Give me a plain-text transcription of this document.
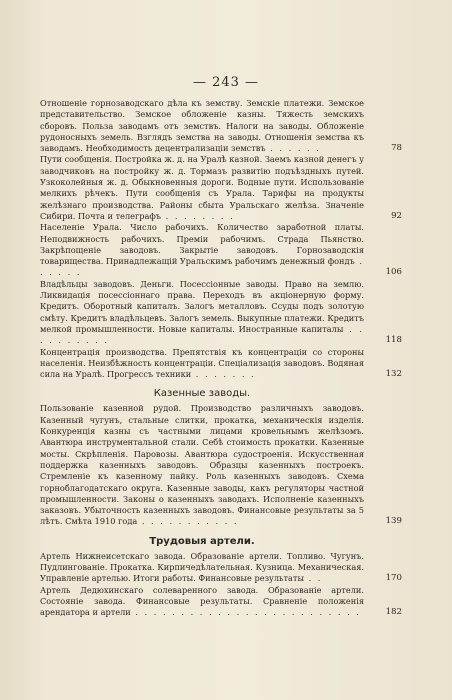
— 243 —
Отношенiе горнозаводскаго дѣла къ земству. Земскiе платежи. Земское представительство. Земское обложенiе казны. Тяжесть земскихъ сборовъ. Польза заводамъ отъ земствъ. Налоги на заводы. Обложенiе рудоносныхъ земель. Взглядъ земства на заводы. Отношенiя земства къ заводамъ. Необходимость децентрализацiи земствъ . . . . . .	78
Пути сообщенiя. Постройка ж. д. на Уралѣ казной. Заемъ казной денегъ у заводчиковъ на постройку ж. д. Тормазъ развитiю подъѣздныхъ путей. Узкоколейныя ж. д. Обыкновенныя дороги. Водные пути. Использованiе мелкихъ рѣчекъ. Пути сообщенiя съ Урала. Тарифы на продукты желѣзнаго производства. Районы сбыта Уральскаго желѣза. Значенiе Сибири. Почта и телеграфъ . . . . . . . .	92
Населенiе Урала. Число рабочихъ. Количество заработной платы. Неподвижность рабочихъ. Премiи рабочимъ. Страда Пьянство. Закрѣпощенiе заводовъ. Закрытiе заводовъ. Горнозаводскiя товарищества. Принадлежащiй Уральскимъ рабочимъ денежный фондъ . . . . . .	106
Владѣльцы заводовъ. Деньги. Посессiонные заводы. Право на землю. Ликвидацiя посессiоннаго права. Переходъ въ акцiонерную форму. Кредитъ. Оборотный капиталъ. Залогъ металловъ. Ссуды подъ золотую смѣту. Кредитъ владѣльцевъ. Залогъ земель. Выкупные платежи. Кредитъ мелкой промышленности. Новые капиталы. Иностранные капиталы . . . . . . . . . .	118
Концентрацiя производства. Препятствiя къ концентрацiи со стороны населенiя. Неизбѣжность концентрацiи. Спецiализацiя заводовъ. Водяная сила на Уралѣ. Прогрессъ техники . . . . . . .	132
Казенные заводы.
Пользованiе казенной рудой. Производство различныхъ заводовъ. Казенный чугунъ, стальные слитки, прокатка, механическiя изделiя. Конкуренцiя казны съ частными лицами кровельнымъ желѣзомъ. Авантюра инструментальной стали. Себѣ стоимость прокатки. Казенные мосты. Скрѣпленiя. Паровозы. Авантюра судостроенiя. Искусственная поддержка казенныхъ заводовъ. Образцы казенныхъ построекъ. Стремленiе къ казенному пайку. Роль казенныхъ заводовъ. Схема горноблагодатскаго округа. Казенные заводы, какъ регуляторы частной промышленности. Законы о казенныхъ заводахъ. Исполненiе казенныхъ заказовъ. Убыточность казенныхъ заводовъ. Финансовые результаты за 5 лѣтъ. Смѣта 1910 года . . . . . . . . . . .	139
Трудовыя артели.
Артель Нижнеисетскаго завода. Образованiе артели. Топливо. Чугунъ. Пудлингованiе. Прокатка. Кирпичедѣлательная. Кузница. Механическая. Управленiе артелью. Итоги работы. Финансовые результаты . .	170
Артель Дедюхинскаго солеваренного завода. Образованiе артели. Состоянiе завода. Финансовые результаты. Сравненiе положенiя арендатора и артели . . . . . . . . . . . . . . . . . . . . . . . . .	182
